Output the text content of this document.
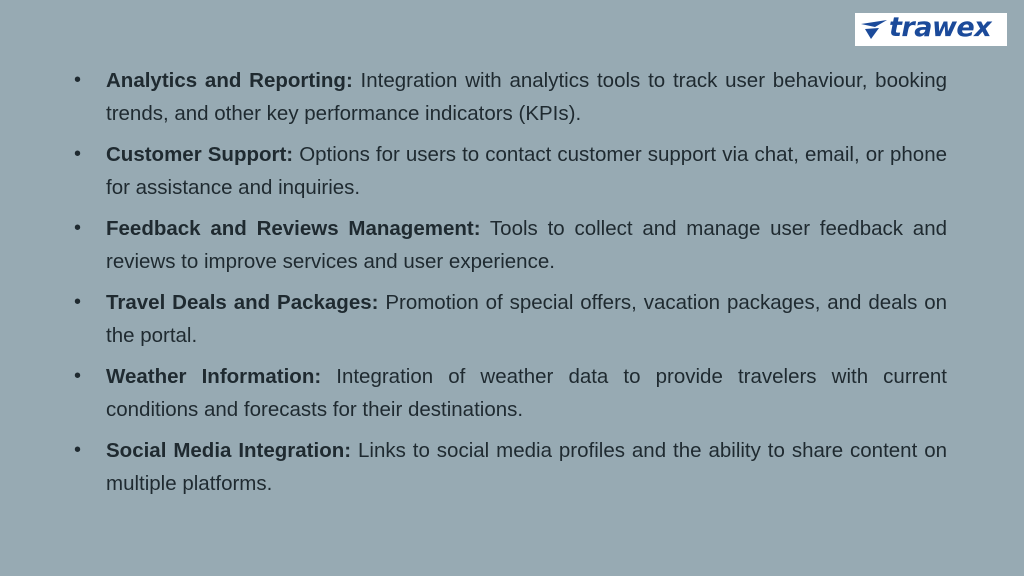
trawex
• Analytics and Reporting: Integration with analytics tools to track user behaviour, booking trends, and other key performance indicators (KPIs).
• Customer Support: Options for users to contact customer support via chat, email, or phone for assistance and inquiries.
• Feedback and Reviews Management: Tools to collect and manage user feedback and reviews to improve services and user experience.
• Travel Deals and Packages: Promotion of special offers, vacation packages, and deals on the portal.
• Weather Information: Integration of weather data to provide travelers with current conditions and forecasts for their destinations.
• Social Media Integration: Links to social media profiles and the ability to share content on multiple platforms.
